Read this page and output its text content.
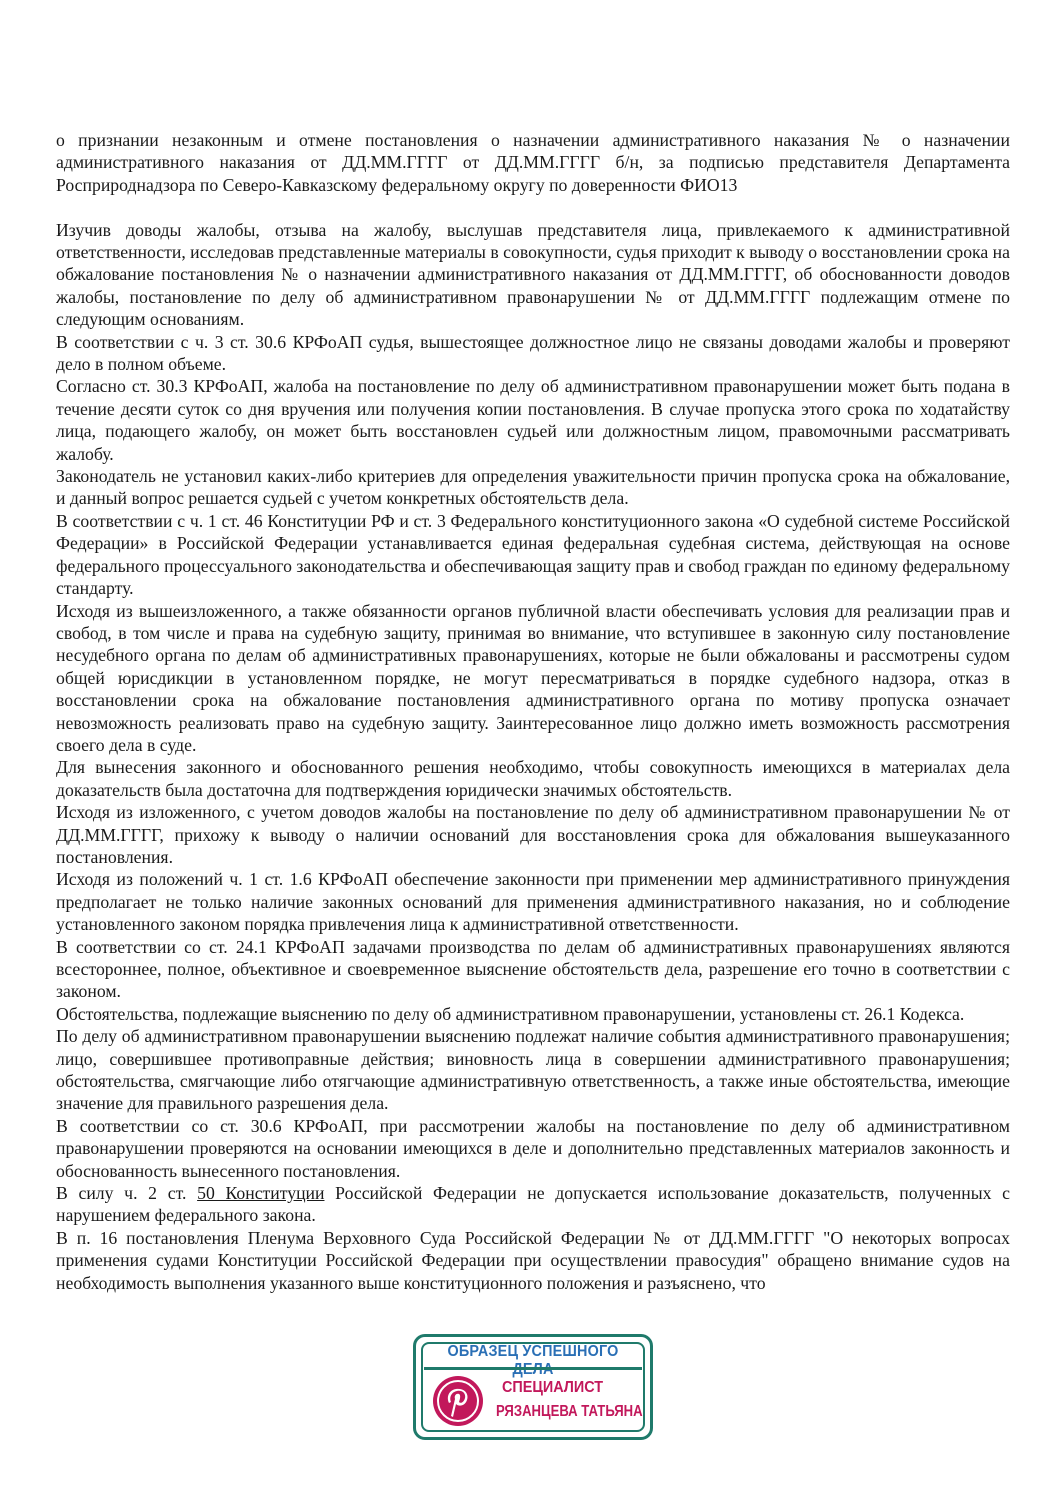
о признании незаконным и отмене постановления о назначении административного наказания № о назначении административного наказания от ДД.ММ.ГГГГ от ДД.ММ.ГГГГ б/н, за подписью представителя Департамента Росприроднадзора по Северо-Кавказскому федеральному округу по доверенности ФИО13

Изучив доводы жалобы, отзыва на жалобу, выслушав представителя лица, привлекаемого к административной ответственности, исследовав представленные материалы в совокупности, судья приходит к выводу о восстановлении срока на обжалование постановления № о назначении административного наказания от ДД.ММ.ГГГГ, об обоснованности доводов жалобы, постановление по делу об административном правонарушении № от ДД.ММ.ГГГГ подлежащим отмене по следующим основаниям.

В соответствии с ч. 3 ст. 30.6 КРФоАП судья, вышестоящее должностное лицо не связаны доводами жалобы и проверяют дело в полном объеме.

Согласно ст. 30.3 КРФоАП, жалоба на постановление по делу об административном правонарушении может быть подана в течение десяти суток со дня вручения или получения копии постановления. В случае пропуска этого срока по ходатайству лица, подающего жалобу, он может быть восстановлен судьей или должностным лицом, правомочными рассматривать жалобу.

Законодатель не установил каких-либо критериев для определения уважительности причин пропуска срока на обжалование, и данный вопрос решается судьей с учетом конкретных обстоятельств дела.

В соответствии с ч. 1 ст. 46 Конституции РФ и ст. 3 Федерального конституционного закона «О судебной системе Российской Федерации» в Российской Федерации устанавливается единая федеральная судебная система, действующая на основе федерального процессуального законодательства и обеспечивающая защиту прав и свобод граждан по единому федеральному стандарту.

Исходя из вышеизложенного, а также обязанности органов публичной власти обеспечивать условия для реализации прав и свобод, в том числе и права на судебную защиту, принимая во внимание, что вступившее в законную силу постановление несудебного органа по делам об административных правонарушениях, которые не были обжалованы и рассмотрены судом общей юрисдикции в установленном порядке, не могут пересматриваться в порядке судебного надзора, отказ в восстановлении срока на обжалование постановления административного органа по мотиву пропуска означает невозможность реализовать право на судебную защиту. Заинтересованное лицо должно иметь возможность рассмотрения своего дела в суде.

Для вынесения законного и обоснованного решения необходимо, чтобы совокупность имеющихся в материалах дела доказательств была достаточна для подтверждения юридически значимых обстоятельств.

Исходя из изложенного, с учетом доводов жалобы на постановление по делу об административном правонарушении № от ДД.ММ.ГГГГ, прихожу к выводу о наличии оснований для восстановления срока для обжалования вышеуказанного постановления.

Исходя из положений ч. 1 ст. 1.6 КРФоАП обеспечение законности при применении мер административного принуждения предполагает не только наличие законных оснований для применения административного наказания, но и соблюдение установленного законом порядка привлечения лица к административной ответственности.

В соответствии со ст. 24.1 КРФоАП задачами производства по делам об административных правонарушениях являются всестороннее, полное, объективное и своевременное выяснение обстоятельств дела, разрешение его точно в соответствии с законом.

Обстоятельства, подлежащие выяснению по делу об административном правонарушении, установлены ст. 26.1 Кодекса.

По делу об административном правонарушении выяснению подлежат наличие события административного правонарушения; лицо, совершившее противоправные действия; виновность лица в совершении административного правонарушения; обстоятельства, смягчающие либо отягчающие административную ответственность, а также иные обстоятельства, имеющие значение для правильного разрешения дела.

В соответствии со ст. 30.6 КРФоАП, при рассмотрении жалобы на постановление по делу об административном правонарушении проверяются на основании имеющихся в деле и дополнительно представленных материалов законность и обоснованность вынесенного постановления.

В силу ч. 2 ст. 50 Конституции Российской Федерации не допускается использование доказательств, полученных с нарушением федерального закона.

В п. 16 постановления Пленума Верховного Суда Российской Федерации № от ДД.ММ.ГГГГ "О некоторых вопросах применения судами Конституции Российской Федерации при осуществлении правосудия" обращено внимание судов на необходимость выполнения указанного выше конституционного положения и разъяснено, что

ОБРАЗЕЦ УСПЕШНОГО
СПЕЦИАЛИСТ
РЯЗАНЦЕВА ТАТЬЯНА
